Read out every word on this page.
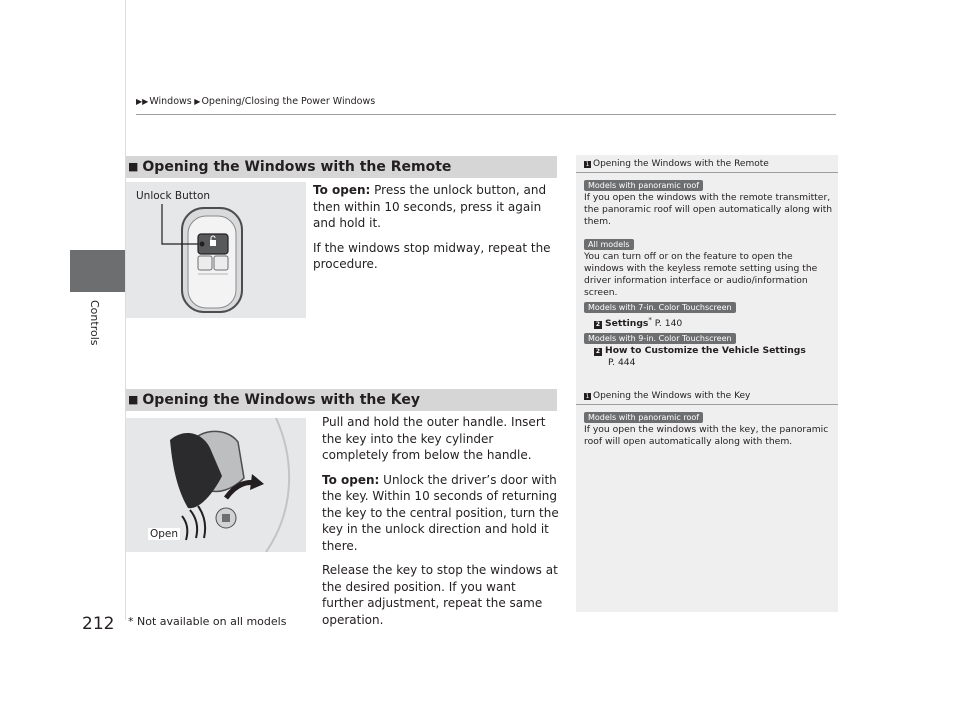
Controls
▶▶Windows ▶Opening/Closing the Power Windows
■ Opening the Windows with the Remote
Unlock Button	To open: Press the unlock button, and then within 10 seconds, press it again and hold it.

If the windows stop midway, repeat the procedure.

■ Opening the Windows with the Key
Open

Pull and hold the outer handle. Insert the key into the key cylinder completely from below the handle.

To open: Unlock the driver’s door with the key. Within 10 seconds of returning the key to the central position, turn the key in the unlock direction and hold it there.

Release the key to stop the windows at the desired position. If you want further adjustment, repeat the same operation.

1 Opening the Windows with the Remote
Models with panoramic roof
If you open the windows with the remote transmitter, the panoramic roof will open automatically along with them.
All models
You can turn off or on the feature to open the windows with the keyless remote setting using the driver information interface or audio/information screen.
Models with 7-in. Color Touchscreen
2 Settings* P. 140
Models with 9-in. Color Touchscreen
2 How to Customize the Vehicle Settings
P. 444
1 Opening the Windows with the Key
Models with panoramic roof
If you open the windows with the key, the panoramic roof will open automatically along with them.
212 * Not available on all models
